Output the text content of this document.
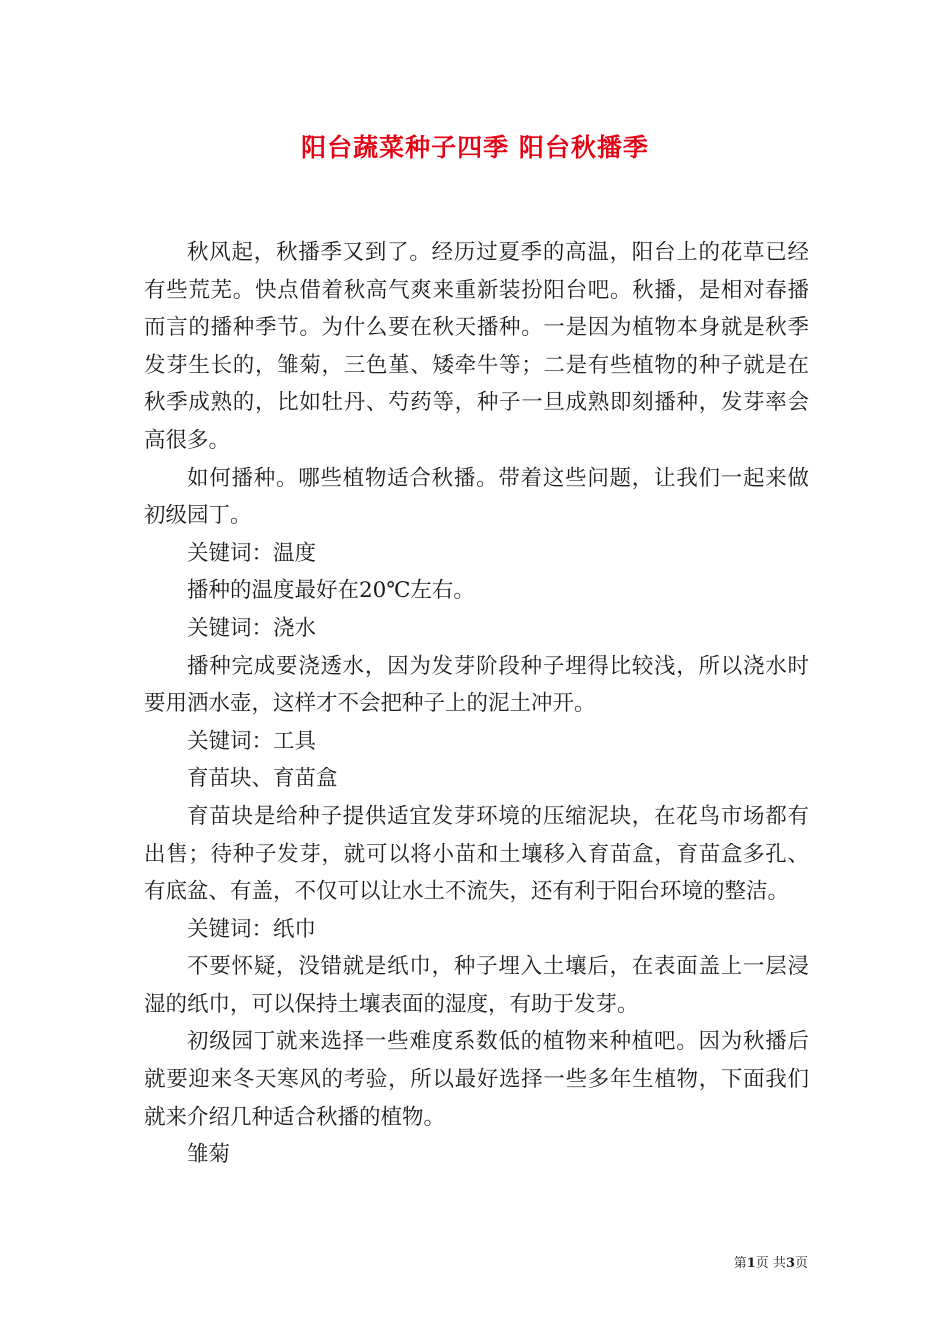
阳台蔬菜种子四季 阳台秋播季

秋风起，秋播季又到了。经历过夏季的高温，阳台上的花草已经有些荒芜。快点借着秋高气爽来重新装扮阳台吧。秋播，是相对春播而言的播种季节。为什么要在秋天播种。一是因为植物本身就是秋季发芽生长的，雏菊，三色堇、矮牵牛等；二是有些植物的种子就是在秋季成熟的，比如牡丹、芍药等，种子一旦成熟即刻播种，发芽率会高很多。

如何播种。哪些植物适合秋播。带着这些问题，让我们一起来做初级园丁。

关键词：温度

播种的温度最好在20℃左右。

关键词：浇水

播种完成要浇透水，因为发芽阶段种子埋得比较浅，所以浇水时要用洒水壶，这样才不会把种子上的泥土冲开。

关键词：工具

育苗块、育苗盒

育苗块是给种子提供适宜发芽环境的压缩泥块，在花鸟市场都有出售；待种子发芽，就可以将小苗和土壤移入育苗盒，育苗盒多孔、有底盆、有盖，不仅可以让水土不流失，还有利于阳台环境的整洁。

关键词：纸巾

不要怀疑，没错就是纸巾，种子埋入土壤后，在表面盖上一层浸湿的纸巾，可以保持土壤表面的湿度，有助于发芽。

初级园丁就来选择一些难度系数低的植物来种植吧。因为秋播后就要迎来冬天寒风的考验，所以最好选择一些多年生植物，下面我们就来介绍几种适合秋播的植物。

雏菊

第1页 共3页
